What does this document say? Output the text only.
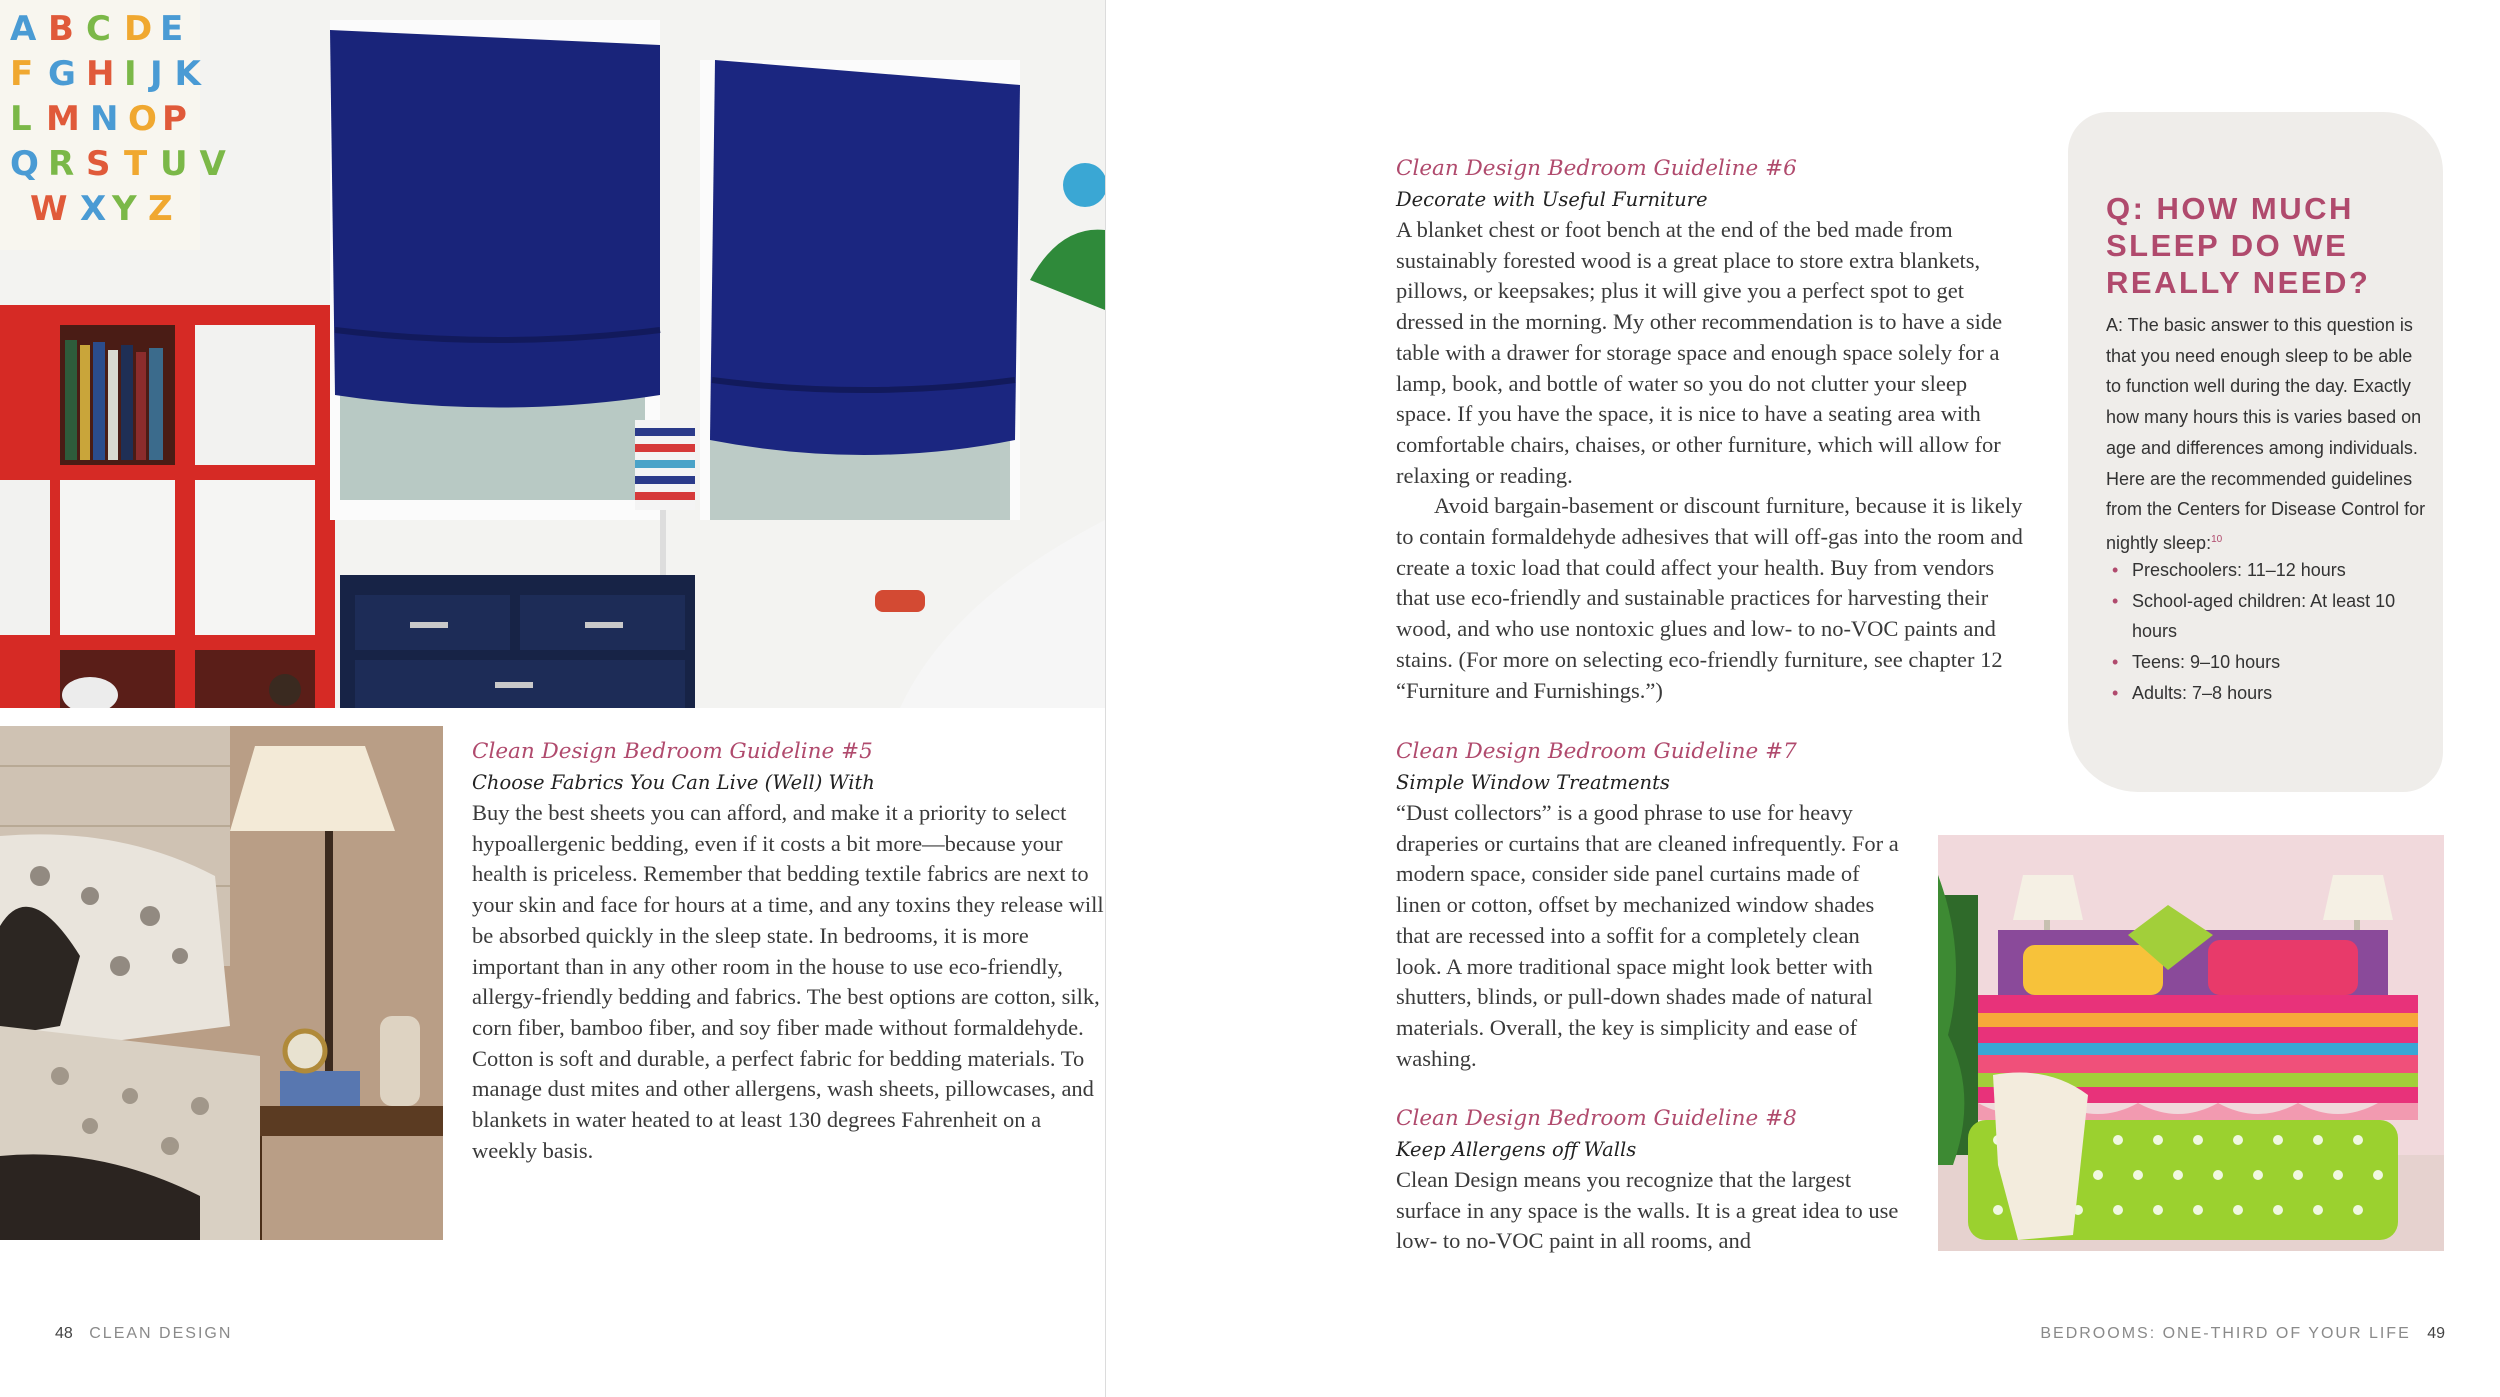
A B C D E
F G H I J K
L M N O P
Q R S T U V
W X Y Z
Clean Design Bedroom Guideline #5
Choose Fabrics You Can Live (Well) With

Buy the best sheets you can afford, and make it a priority to select hypoallergenic bedding, even if it costs a bit more—because your health is priceless. Remember that bedding textile fabrics are next to your skin and face for hours at a time, and any toxins they release will be absorbed quickly in the sleep state. In bedrooms, it is more important than in any other room in the house to use eco-friendly, allergy-friendly bedding and fabrics. The best options are cotton, silk, corn fiber, bamboo fiber, and soy fiber made without formaldehyde. Cotton is soft and durable, a perfect fabric for bedding materials. To manage dust mites and other allergens, wash sheets, pillowcases, and blankets in water heated to at least 130 degrees Fahrenheit on a weekly basis.

48 CLEAN DESIGN
Clean Design Bedroom Guideline #6
Decorate with Useful Furniture

A blanket chest or foot bench at the end of the bed made from sustainably forested wood is a great place to store extra blankets, pillows, or keepsakes; plus it will give you a perfect spot to get dressed in the morning. My other recommendation is to have a side table with a drawer for storage space and enough space solely for a lamp, book, and bottle of water so you do not clutter your sleep space. If you have the space, it is nice to have a seating area with comfortable chairs, chaises, or other furniture, which will allow for relaxing or reading.

Avoid bargain-basement or discount furniture, because it is likely to contain formaldehyde adhesives that will off-gas into the room and create a toxic load that could affect your health. Buy from vendors that use eco-friendly and sustainable practices for harvesting their wood, and who use nontoxic glues and low- to no-VOC paints and stains. (For more on selecting eco-friendly furniture, see chapter 12 “Furniture and Furnishings.”)

Q: HOW MUCH SLEEP DO WE REALLY NEED?

A: The basic answer to this question is that you need enough sleep to be able to function well during the day. Exactly how many hours this is varies based on age and differences among individuals. Here are the recommended guidelines from the Centers for Disease Control for nightly sleep:$^{10}$

• Preschoolers: 11–12 hours
• School-aged children: At least 10 hours
• Teens: 9–10 hours
• Adults: 7–8 hours
Clean Design Bedroom Guideline #7
Simple Window Treatments

“Dust collectors” is a good phrase to use for heavy draperies or curtains that are cleaned infrequently. For a modern space, consider side panel curtains made of linen or cotton, offset by mechanized window shades that are recessed into a soffit for a completely clean look. A more traditional space might look better with shutters, blinds, or pull-down shades made of natural materials. Overall, the key is simplicity and ease of washing.

Clean Design Bedroom Guideline #8
Keep Allergens off Walls

Clean Design means you recognize that the largest surface in any space is the walls. It is a great idea to use low- to no-VOC paint in all rooms, and

BEDROOMS: ONE-THIRD OF YOUR LIFE 49
